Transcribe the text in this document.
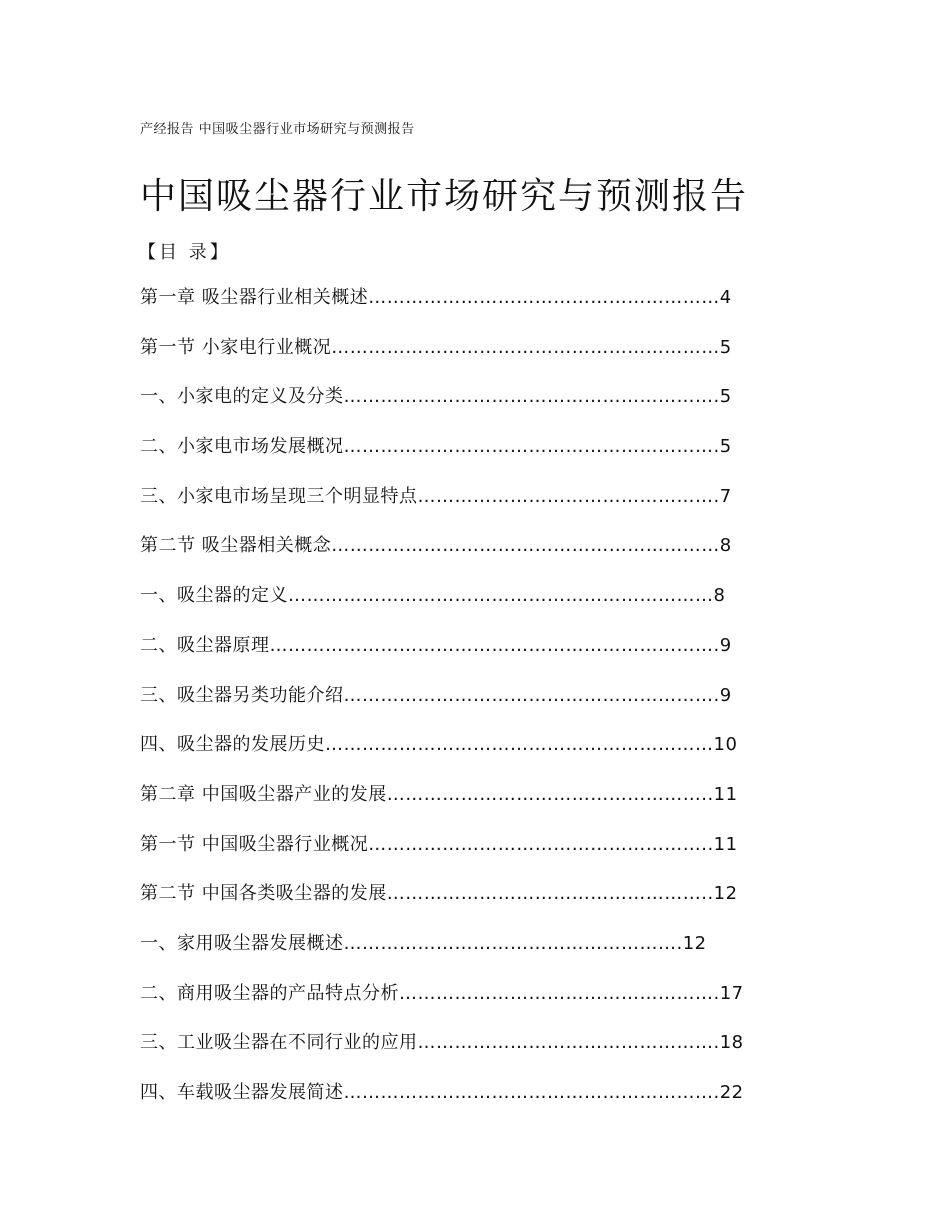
产经报告 中国吸尘器行业市场研究与预测报告
中国吸尘器行业市场研究与预测报告
【目 录】
第一章 吸尘器行业相关概述…………………………………………………4
第一节 小家电行业概况………………………………………………………5
一、小家电的定义及分类…………………………………………………….5
二、小家电市场发展概况…………………………………………………….5
三、小家电市场呈现三个明显特点………………………………………….7
第二节 吸尘器相关概念………………………………………………………8
一、吸尘器的定义……………………………………………………………8
二、吸尘器原理……………………………………………………………….9
三、吸尘器另类功能介绍…………………………………………………….9
四、吸尘器的发展历史………………………………………………………10
第二章 中国吸尘器产业的发展……………………………………………..11
第一节 中国吸尘器行业概况………………………………………………..11
第二节 中国各类吸尘器的发展……………………………………………..12
一、家用吸尘器发展概述……………………………………………….12
二、商用吸尘器的产品特点分析…………………………………………….17
三、工业吸尘器在不同行业的应用………………………………………….18
四、车载吸尘器发展简述…………………………………………………….22
